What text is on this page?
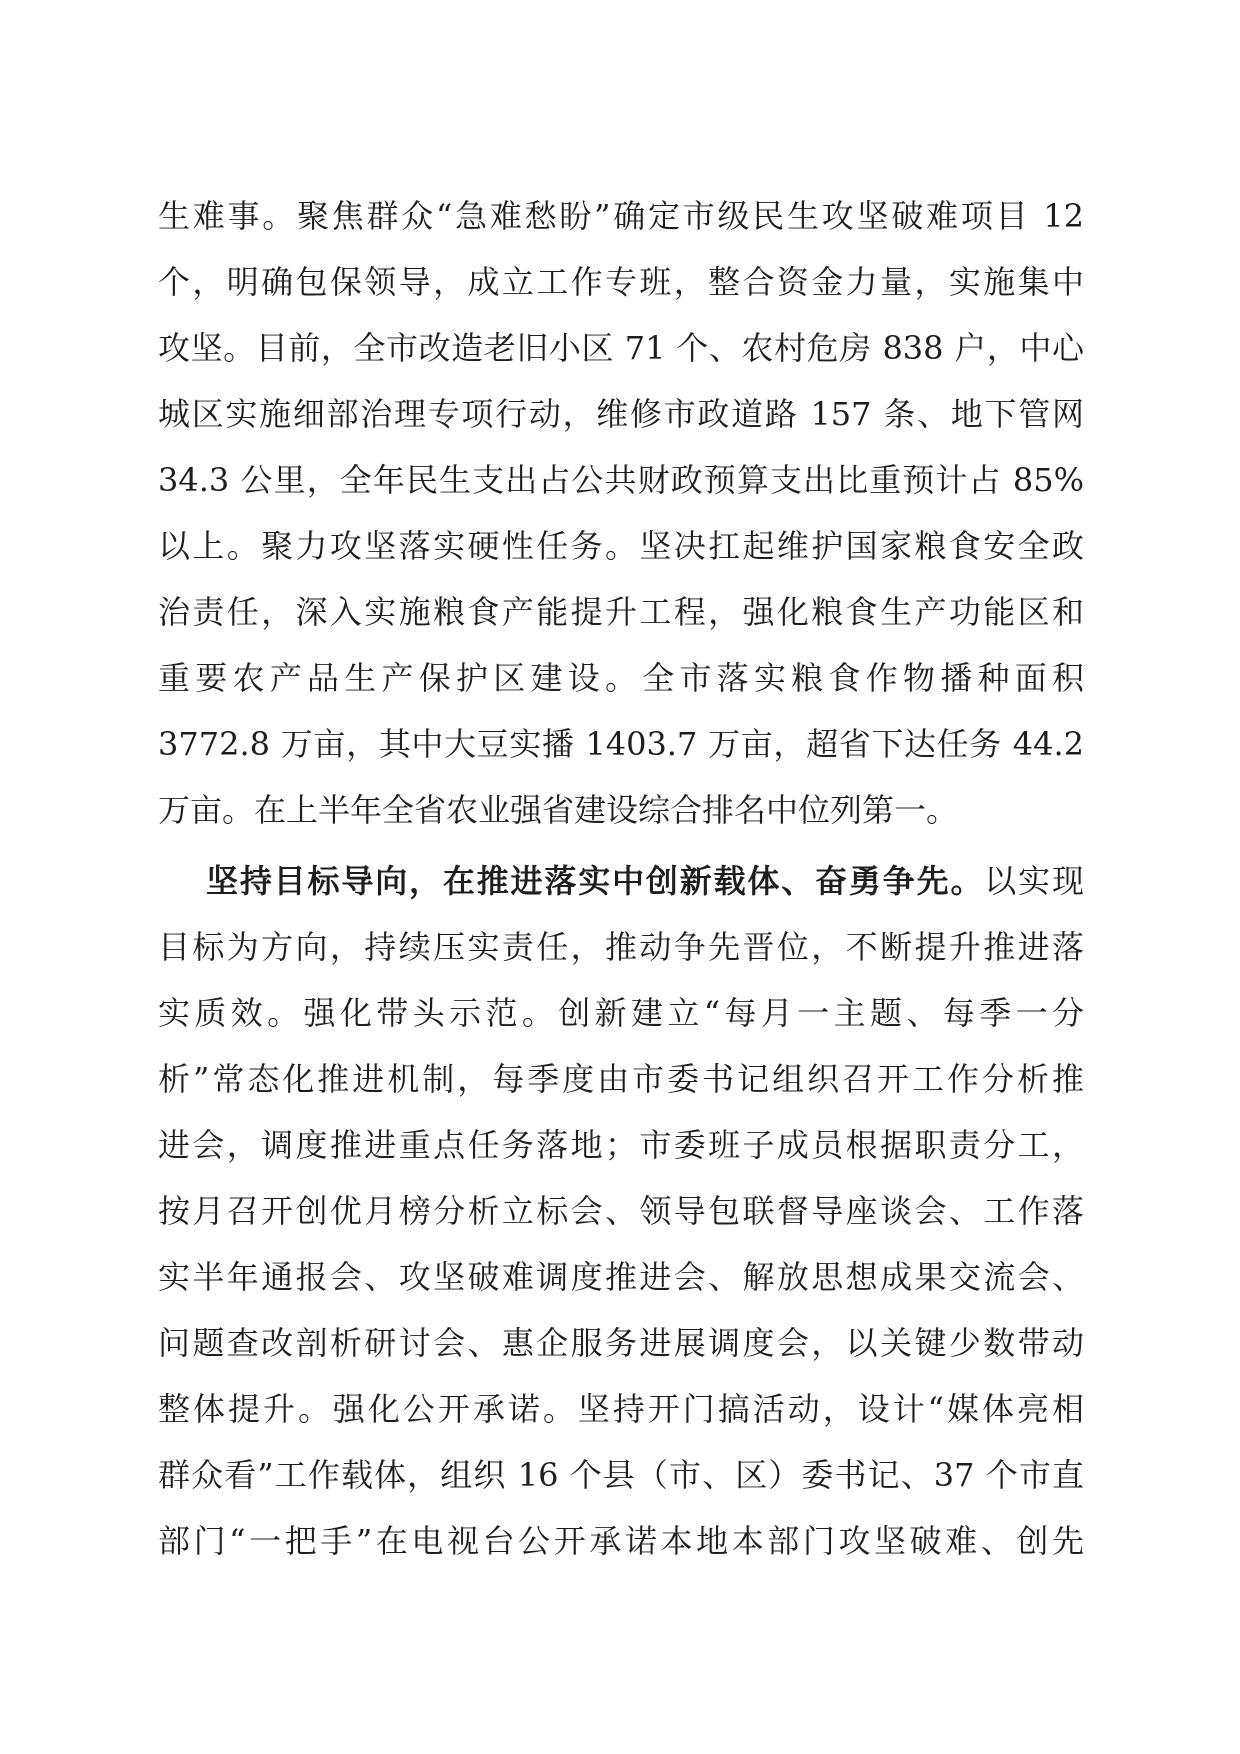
生难事。聚焦群众“急难愁盼”确定市级民生攻坚破难项目 12
个，明确包保领导，成立工作专班，整合资金力量，实施集中
攻坚。目前，全市改造老旧小区 71 个、农村危房 838 户，中心
城区实施细部治理专项行动，维修市政道路 157 条、地下管网
34.3 公里，全年民生支出占公共财政预算支出比重预计占 85%
以上。聚力攻坚落实硬性任务。坚决扛起维护国家粮食安全政
治责任，深入实施粮食产能提升工程，强化粮食生产功能区和
重要农产品生产保护区建设。全市落实粮食作物播种面积
3772.8 万亩，其中大豆实播 1403.7 万亩，超省下达任务 44.2
万亩。在上半年全省农业强省建设综合排名中位列第一。
坚持目标导向，在推进落实中创新载体、奋勇争先。以实现
目标为方向，持续压实责任，推动争先晋位，不断提升推进落
实质效。强化带头示范。创新建立“每月一主题、每季一分
析”常态化推进机制，每季度由市委书记组织召开工作分析推
进会，调度推进重点任务落地；市委班子成员根据职责分工，
按月召开创优月榜分析立标会、领导包联督导座谈会、工作落
实半年通报会、攻坚破难调度推进会、解放思想成果交流会、
问题查改剖析研讨会、惠企服务进展调度会，以关键少数带动
整体提升。强化公开承诺。坚持开门搞活动，设计“媒体亮相
群众看”工作载体，组织 16 个县（市、区）委书记、37 个市直
部门“一把手”在电视台公开承诺本地本部门攻坚破难、创先
